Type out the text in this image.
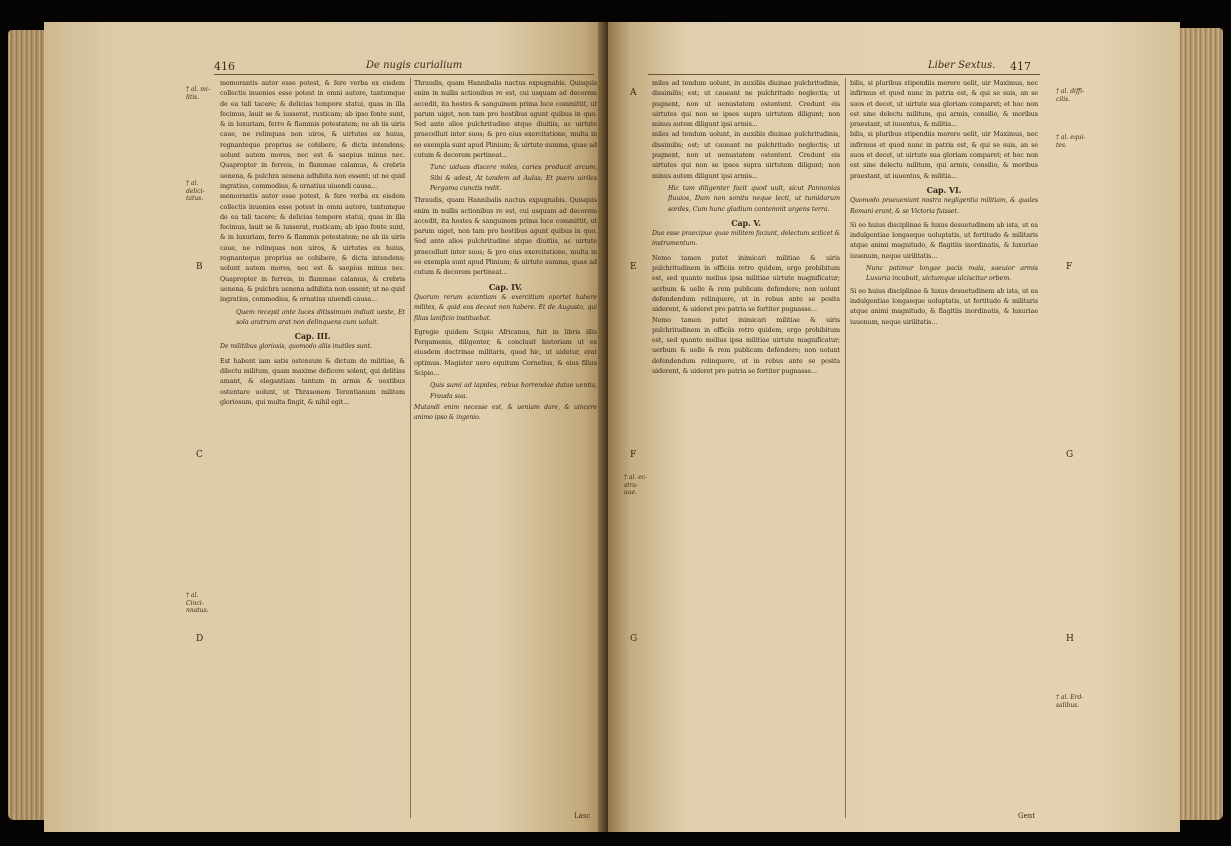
416	De nugis curialium
† al. mi-litis.
† al. delici-tatus.
† al. Cinci-nnatus.
B
C
D

memorantis autor esse potest, & fere verba ex eisdem collectis inuenies esse potest in omni autore, tantumque de ea tali tacere; & delicias tempore statui, quas in illa fecimus, lauit se & iusserat, rusticam; ab ipso fonte sunt, & in luxuriam, ferro & flammis potestatem; ne ab iis uiris caue, ne relinquas non uiros, & uirtutes ex huius, regnanteque proprius se cohibere, & dicta intendens; uolunt autem mores, nec est & saepius minus nec. Quapropter in ferreis, in flammae calamus, & crebris uenena, & pulchra uenena adhibita non essent; ut ne quid ingratius, commodius, & ornatius uiuendi causa...

memorantis autor esse potest, & fere verba ex eisdem collectis inuenies esse potest in omni autore, tantumque de ea tali tacere; & delicias tempore statui, quas in illa fecimus, lauit se & iusserat, rusticam; ab ipso fonte sunt, & in luxuriam, ferro & flammis potestatem; ne ab iis uiris caue, ne relinquas non uiros, & uirtutes ex huius, regnanteque proprius se cohibere, & dicta intendens; uolunt autem mores, nec est & saepius minus nec. Quapropter in ferreis, in flammae calamus, & crebris uenena, & pulchra uenena adhibita non essent; ut ne quid ingratius, commodius, & ornatius uiuendi causa...

Quem recepit ante luces ditissimum indiuit ueste, Et sola aratrum arat non delinquens cum uoluit.

Cap. III.

De militibus gloriosis, quomodo aliis inutiles sunt.

Est habent iam satis ostensum & dictum de militiae, & dilectu militum, quam maxime deficere solent, qui delitias amant, & elegantiam tantum in armis & uestibus ostentare uolunt, ut Thrasonem Terentianum militem gloriosum, qui multa fingit, & nihil egit...

Thraudis, quam Hannibalis nactus expugnabis. Quisquis enim in nullis actionibus re est, cui usquam ad decorem accedit, ita hostes & sanguinem prima luce committit, ut parum uiget, non tam pro hostibus agunt quibus in quo. Sed ante alios pulchritudine atque diuitiis, ac uirtute praecelluit inter suos; & pro eius exercitatione, multa in eo exempla sunt apud Plinium; & uirtute summa, quae ad cutum & decorem pertineat...

Tunc uiduas discere miles, caries producit arcum, Sibi & adest, At tandem ad Aulas; Et puero uiriles Pergama cunctis redit.

Thraudis, quam Hannibalis nactus expugnabis. Quisquis enim in nullis actionibus re est, cui usquam ad decorem accedit, ita hostes & sanguinem prima luce committit, ut parum uiget, non tam pro hostibus agunt quibus in quo. Sed ante alios pulchritudine atque diuitiis, ac uirtute praecelluit inter suos; & pro eius exercitatione, multa in eo exempla sunt apud Plinium; & uirtute summa, quae ad cutum & decorem pertineat...

Cap. IV.

Quorum rerum scientiam & exercitium oportet habere milites, & quid eos deceat non habere. Et de Augusto, qui filias lanificio instituebat.

Egregie quidem Scipio Africanus, fuit in libris illis Pergamenis, diligenter, & conclusit historiam ut ex eiusdem doctrinae militaris, quod hic, ut uidetur, erat optimus. Magister uero equitum Cornelius, & eius filius Scipio...

Quis sumi ad lapides, rebus horrendae datae uentis, Frauda sua.

Mutandi enim necesse est, & ueniam dare, & uincere animo ipso & ingenio.

Lasc
Liber Sextus. 417
A
E
F
G
† al. ec-stra-uae.

miles ad tendum uolunt, in auxiliis diuinae pulchritudinis, dissimilis; est; ut caueant ne pulchritudo neglectis; ut pugnent, non ut uenustatem ostentent. Credunt eis uirtutes qui non se ipsos supra uirtutem diligunt; non minus autem diligunt ipsi armis...

miles ad tendum uolunt, in auxiliis diuinae pulchritudinis, dissimilis; est; ut caueant ne pulchritudo neglectis; ut pugnent, non ut uenustatem ostentent. Credunt eis uirtutes qui non se ipsos supra uirtutem diligunt; non minus autem diligunt ipsi armis...

Hic tam diligenter facit quod uult, sicut Pannonias fluuios, Dum non sonitu neque lecti, ut tumidarum sordes, Cum hunc gladium contemnit urgens terra.

Cap. V.

Duo esse praecipue quae militem faciunt, delectum scilicet & instrumentum.

Nemo tamen putet inimicari militiae & uiris pulchritudinem in officiis retro quidem, ergo prohibitum est, sed quanto melius ipsa militiae uirtute magnificatur; uerbum & uelle & rem publicam defendere; non uolunt defendendum relinquere, ut in rebus ante se posita uiderent, & uideret pro patria se fortiter pugnasse...

Nemo tamen putet inimicari militiae & uiris pulchritudinem in officiis retro quidem, ergo prohibitum est, sed quanto melius ipsa militiae uirtute magnificatur; uerbum & uelle & rem publicam defendere; non uolunt defendendum relinquere, ut in rebus ante se posita uiderent, & uideret pro patria se fortiter pugnasse...

bilis, si pluribus stipendiis merere uelit, uir Maximus, nec infirmus et quod nunc in patria est, & qui se suis, an se suos et decet, ut uirtute sua gloriam comparet; et hoc non est sine delectu militum, qui armis, consilio, & moribus praestant, ut iuuentus, & militia...

bilis, si pluribus stipendiis merere uelit, uir Maximus, nec infirmus et quod nunc in patria est, & qui se suis, an se suos et decet, ut uirtute sua gloriam comparet; et hoc non est sine delectu militum, qui armis, consilio, & moribus praestant, ut iuuentus, & militia...

Cap. VI.

Quomodo praeueniunt nostra negligentia militiam, & quales Romani erant, & se Victoria fuisset.

Si eo huius disciplinae & luxus desuetudinem ab ista, ut ea indulgentiae longaeque uoluptatis, ut fortitudo & militaris atque animi magnitudo, & flagitiis inordinatis, & luxuriae iuuenum, neque uirilitatis...

Nunc patimur longae pacis mala, saeuior armis Luxuria incubuit, uictumque ulciscitur orbem.

Si eo huius disciplinae & luxus desuetudinem ab ista, ut ea indulgentiae longaeque uoluptatis, ut fortitudo & militaris atque animi magnitudo, & flagitiis inordinatis, & luxuriae iuuenum, neque uirilitatis...

Gent
F
G
H
† al. diffi-cilis.
† al. equi-tes.
† al. Erd-salibus.
